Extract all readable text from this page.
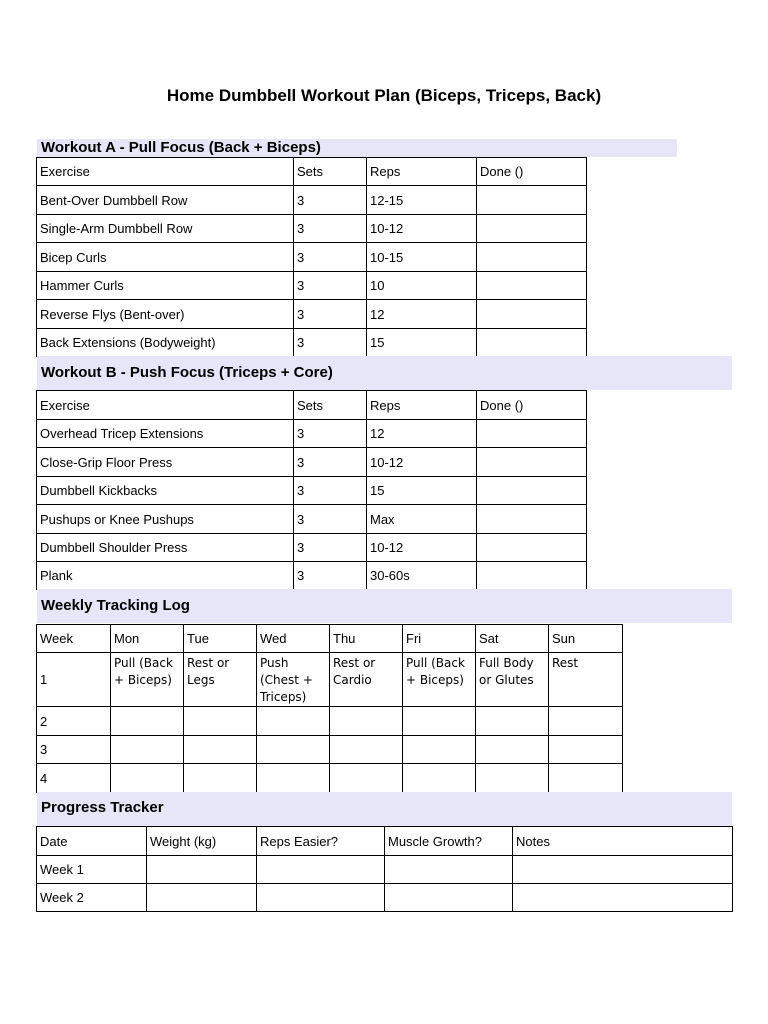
Home Dumbbell Workout Plan (Biceps, Triceps, Back)
Workout A - Pull Focus (Back + Biceps)
Exercise	Sets	Reps	Done ()
Bent-Over Dumbbell Row	3	12-15	
Single-Arm Dumbbell Row	3	10-12	
Bicep Curls	3	10-15	
Hammer Curls	3	10	
Reverse Flys (Bent-over)	3	12	
Back Extensions (Bodyweight)	3	15	
Workout B - Push Focus (Triceps + Core)
Exercise	Sets	Reps	Done ()
Overhead Tricep Extensions	3	12	
Close-Grip Floor Press	3	10-12	
Dumbbell Kickbacks	3	15	
Pushups or Knee Pushups	3	Max	
Dumbbell Shoulder Press	3	10-12	
Plank	3	30-60s	
Weekly Tracking Log
Week	Mon	Tue	Wed	Thu	Fri	Sat	Sun
1	Pull (Back + Biceps)	Rest or Legs	Push (Chest + Triceps)	Rest or Cardio	Pull (Back + Biceps)	Full Body or Glutes	Rest
2							
3							
4							
Progress Tracker
Date	Weight (kg)	Reps Easier?	Muscle Growth?	Notes
Week 1				
Week 2				
